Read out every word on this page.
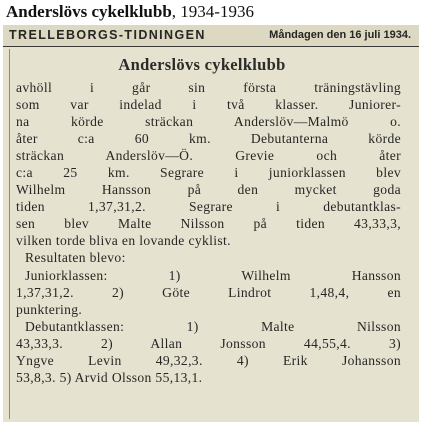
Anderslövs cykelklubb, 1934-1936
TRELLEBORGS-TIDNINGEN	Måndagen den 16 juli 1934.
Anderslövs cykelklubb
avhöll i går sin första träningstävling
som var indelad i två klasser. Juniorer-
na körde sträckan Anderslöv—Malmö o.
åter c:a 60 km. Debutanterna körde
sträckan Anderslöv—Ö. Grevie och åter
c:a 25 km. Segrare i juniorklassen blev
Wilhelm Hansson på den mycket goda
tiden 1,37,31,2. Segrare i debutantklas-
sen blev Malte Nilsson på tiden 43,33,3,
vilken torde bliva en lovande cyklist.
Resultaten blevo:
Juniorklassen: 1) Wilhelm Hansson
1,37,31,2. 2) Göte Lindrot 1,48,4, en
punktering.
Debutantklassen: 1) Malte Nilsson
43,33,3. 2) Allan Jonsson 44,55,4. 3)
Yngve Levin 49,32,3. 4) Erik Johansson
53,8,3. 5) Arvid Olsson 55,13,1.
